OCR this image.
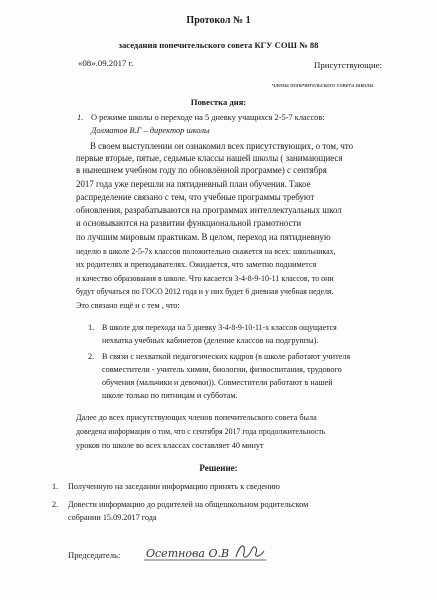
Протокол № 1
заседания попечительского совета КГУ СОШ № 88
«08».09.2017 г.	Присутствующие:
члены попечительского совета школы
Повестка дня:
1. О режиме школы о переходе на 5 дневку учащихся 2-5-7 классов:
Долматов В.Г – директор школы
В своем выступлении он ознакомил всех присутствующих, о том, что
первые вторые, пятые, седьмые классы нашей школы ( занимающиеся
в нынешнем учебном году по обновлённой программе) с сентября
2017 года уже перешли на пятидневный план обучения. Такое
распределение связано с тем, что учебные программы требуют
обновления, разрабатываются на программах интеллектуальных школ
и основываются на развитии функциональной грамотности
по лучшим мировым практикам. В целом, переход на пятидневную
неделю в школе 2-5-7х классов положительно скажется на всех: школьниках,
их родителях и преподавателях. Ожидается, что заметно поднимется
и качество образования в школе. Что касается 3-4-8-9-10-11 классов, то они
будут обучаться по ГОСО 2012 года и у них будет 6 дневная учебная неделя.
Это связано ещё и с тем , что:
1. В школе для перехода на 5 дневку 3-4-8-9-10-11-х классов ощущается
нехватка учебных кабинетов (деление классов на подгруппы).
2. В связи с нехваткой педагогических кадров (в школе работают учителя
совместители - учитель химии, биологии, физвоспитания, трудового
обучения (мальчики и девочки)). Совместители работают в нашей
школе только по пятницам и субботам.
Далее до всех присутствующих членов попечительского совета была
доведена информация о том, что с сентября 2017 года продолжительность
уроков по школе во всех классах составляет 40 минут
Решение:
1. Полученную на заседании информацию принять к сведению
2. Довести информацию до родителей на общешкольном родительском
собрании 15.09.2017 года
Председатель: Осетнова О.В
